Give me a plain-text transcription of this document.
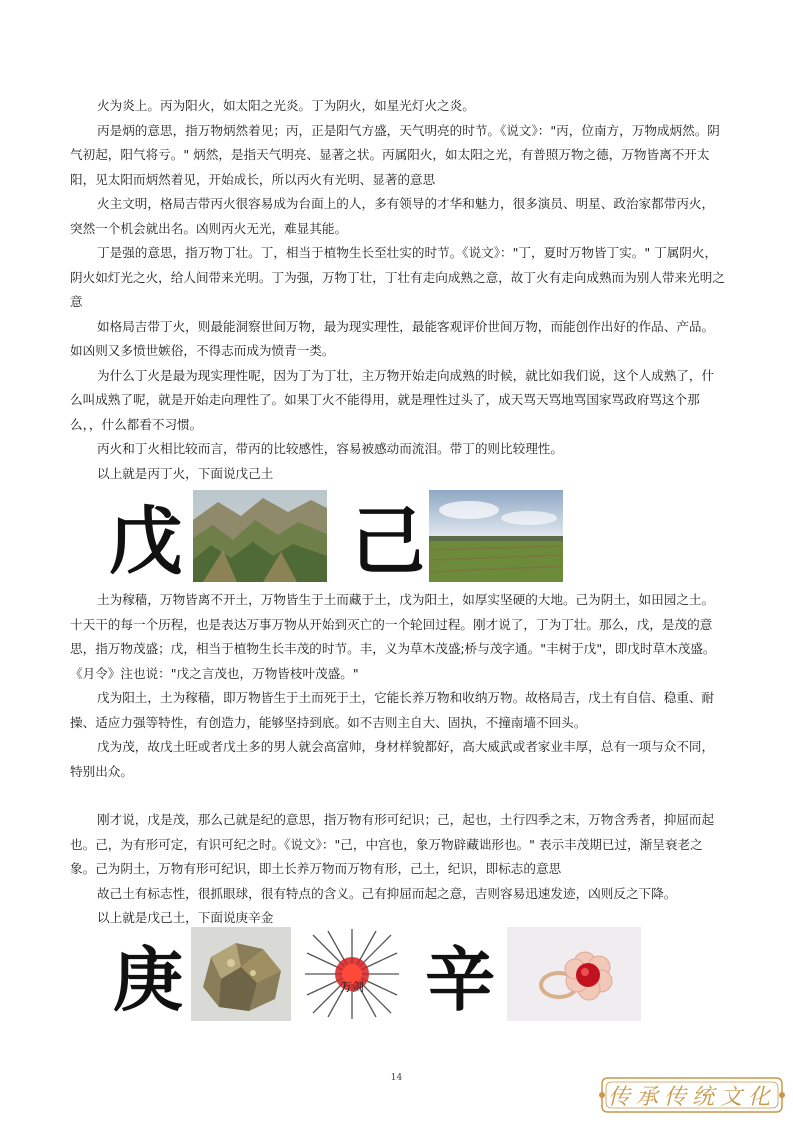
火为炎上。丙为阳火，如太阳之光炎。丁为阴火，如星光灯火之炎。

丙是炳的意思，指万物炳然着见；丙，正是阳气方盛，天气明亮的时节。《说文》："丙，位南方，万物成炳然。阴气初起，阳气将亏。" 炳然，是指天气明亮、显著之状。丙属阳火，如太阳之光，有普照万物之德，万物皆离不开太阳，见太阳而炳然着见，开始成长，所以丙火有光明、显著的意思

火主文明，格局吉带丙火很容易成为台面上的人，多有领导的才华和魅力，很多演员、明星、政治家都带丙火，突然一个机会就出名。凶则丙火无光，难显其能。

丁是强的意思，指万物丁壮。丁，相当于植物生长至壮实的时节。《说文》："丁，夏时万物皆丁实。" 丁属阴火，阴火如灯光之火，给人间带来光明。丁为强，万物丁壮，丁壮有走向成熟之意，故丁火有走向成熟而为别人带来光明之意

如格局吉带丁火，则最能洞察世间万物，最为现实理性，最能客观评价世间万物，而能创作出好的作品、产品。如凶则又多愤世嫉俗，不得志而成为愤青一类。

为什么丁火是最为现实理性呢，因为丁为丁壮，主万物开始走向成熟的时候，就比如我们说，这个人成熟了，什么叫成熟了呢，就是开始走向理性了。如果丁火不能得用，就是理性过头了，成天骂天骂地骂国家骂政府骂这个那么，，什么都看不习惯。

丙火和丁火相比较而言，带丙的比较感性，容易被感动而流泪。带丁的则比较理性。

以上就是丙丁火，下面说戊己土

戊 己

土为稼穑，万物皆离不开土，万物皆生于土而藏于土，戊为阳土，如厚实坚硬的大地。己为阴土，如田园之土。十天干的每一个历程，也是表达万事万物从开始到灭亡的一个轮回过程。刚才说了，丁为丁壮。那么，戊，是茂的意思，指万物茂盛；戊，相当于植物生长丰茂的时节。丰，义为草木茂盛;桥与茂字通。"丰树于戊"，即戊时草木茂盛。《月令》注也说："戊之言茂也，万物皆枝叶茂盛。"

戊为阳土，土为稼穑，即万物皆生于土而死于土，它能长养万物和收纳万物。故格局吉，戊土有自信、稳重、耐操、适应力强等特性，有创造力，能够坚持到底。如不吉则主自大、固执，不撞南墙不回头。

戊为茂，故戊土旺或者戊土多的男人就会高富帅，身材样貌都好，高大威武或者家业丰厚，总有一项与众不同，特别出众。

刚才说，戊是茂，那么己就是纪的意思，指万物有形可纪识；己，起也，土行四季之末，万物含秀者，抑屈而起也。己，为有形可定，有识可纪之时。《说文》："己，中宫也，象万物辟藏诎形也。" 表示丰茂期已过，渐呈衰老之象。己为阴土，万物有形可纪识，即土长养万物而万物有形，己土，纪识，即标志的意思

故己土有标志性，很抓眼球，很有特点的含义。己有抑屈而起之意，吉则容易迅速发迹，凶则反之下降。

以上就是戊己土，下面说庚辛金

庚	万剑 辛
14
传承传统文化
